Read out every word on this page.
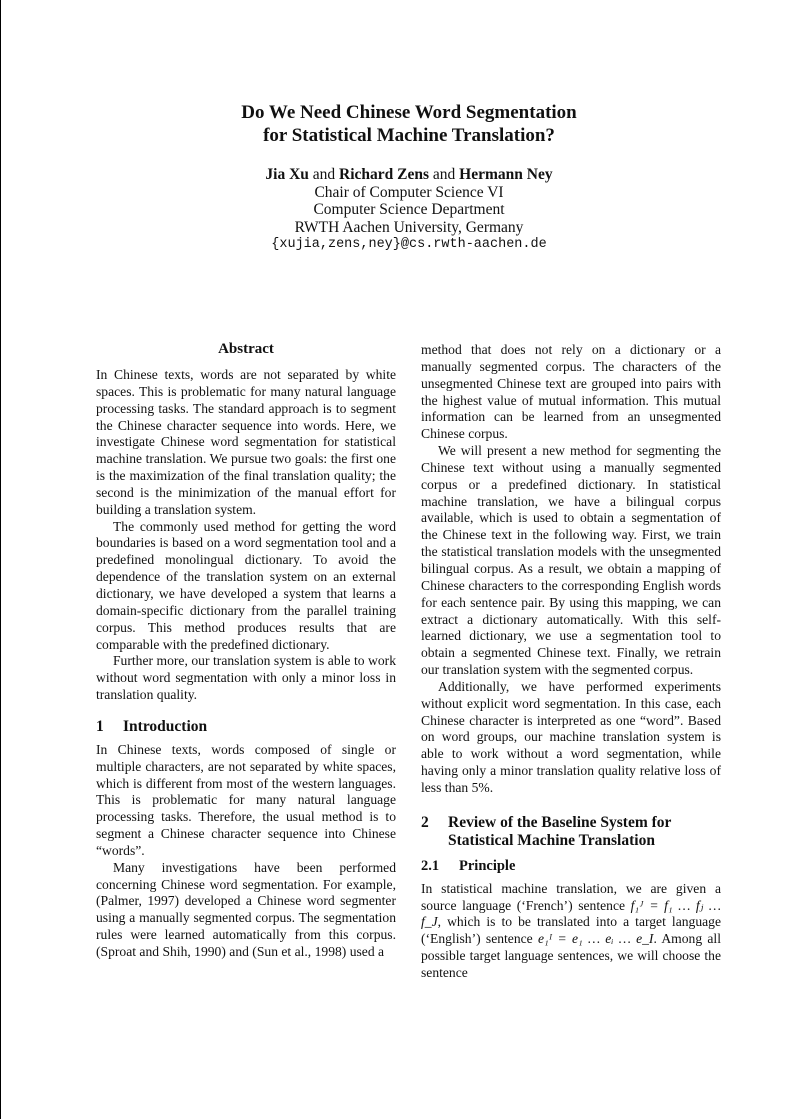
Do We Need Chinese Word Segmentation
for Statistical Machine Translation?
Jia Xu and Richard Zens and Hermann Ney
Chair of Computer Science VI
Computer Science Department
RWTH Aachen University, Germany
{xujia,zens,ney}@cs.rwth-aachen.de
Abstract

In Chinese texts, words are not separated by white spaces. This is problematic for many natural language processing tasks. The standard approach is to segment the Chinese character sequence into words. Here, we investigate Chinese word segmentation for statistical machine translation. We pursue two goals: the first one is the maximization of the final translation quality; the second is the minimization of the manual effort for building a translation system.

The commonly used method for getting the word boundaries is based on a word segmentation tool and a predefined monolingual dictionary. To avoid the dependence of the translation system on an external dictionary, we have developed a system that learns a domain-specific dictionary from the parallel training corpus. This method produces results that are comparable with the predefined dictionary.

Further more, our translation system is able to work without word segmentation with only a minor loss in translation quality.

1	Introduction

In Chinese texts, words composed of single or multiple characters, are not separated by white spaces, which is different from most of the western languages. This is problematic for many natural language processing tasks. Therefore, the usual method is to segment a Chinese character sequence into Chinese “words”.

Many investigations have been performed concerning Chinese word segmentation. For example, (Palmer, 1997) developed a Chinese word segmenter using a manually segmented corpus. The segmentation rules were learned automatically from this corpus. (Sproat and Shih, 1990) and (Sun et al., 1998) used a

method that does not rely on a dictionary or a manually segmented corpus. The characters of the unsegmented Chinese text are grouped into pairs with the highest value of mutual information. This mutual information can be learned from an unsegmented Chinese corpus.

We will present a new method for segmenting the Chinese text without using a manually segmented corpus or a predefined dictionary. In statistical machine translation, we have a bilingual corpus available, which is used to obtain a segmentation of the Chinese text in the following way. First, we train the statistical translation models with the unsegmented bilingual corpus. As a result, we obtain a mapping of Chinese characters to the corresponding English words for each sentence pair. By using this mapping, we can extract a dictionary automatically. With this self-learned dictionary, we use a segmentation tool to obtain a segmented Chinese text. Finally, we retrain our translation system with the segmented corpus.

Additionally, we have performed experiments without explicit word segmentation. In this case, each Chinese character is interpreted as one “word”. Based on word groups, our machine translation system is able to work without a word segmentation, while having only a minor translation quality relative loss of less than 5%.

2	Review of the Baseline System for
Statistical Machine Translation
2.1	Principle

In statistical machine translation, we are given a source language (‘French’) sentence f₁ᴶ = f₁ … fⱼ … f_J, which is to be translated into a target language (‘English’) sentence e₁ᴵ = e₁ … eᵢ … e_I. Among all possible target language sentences, we will choose the sentence
